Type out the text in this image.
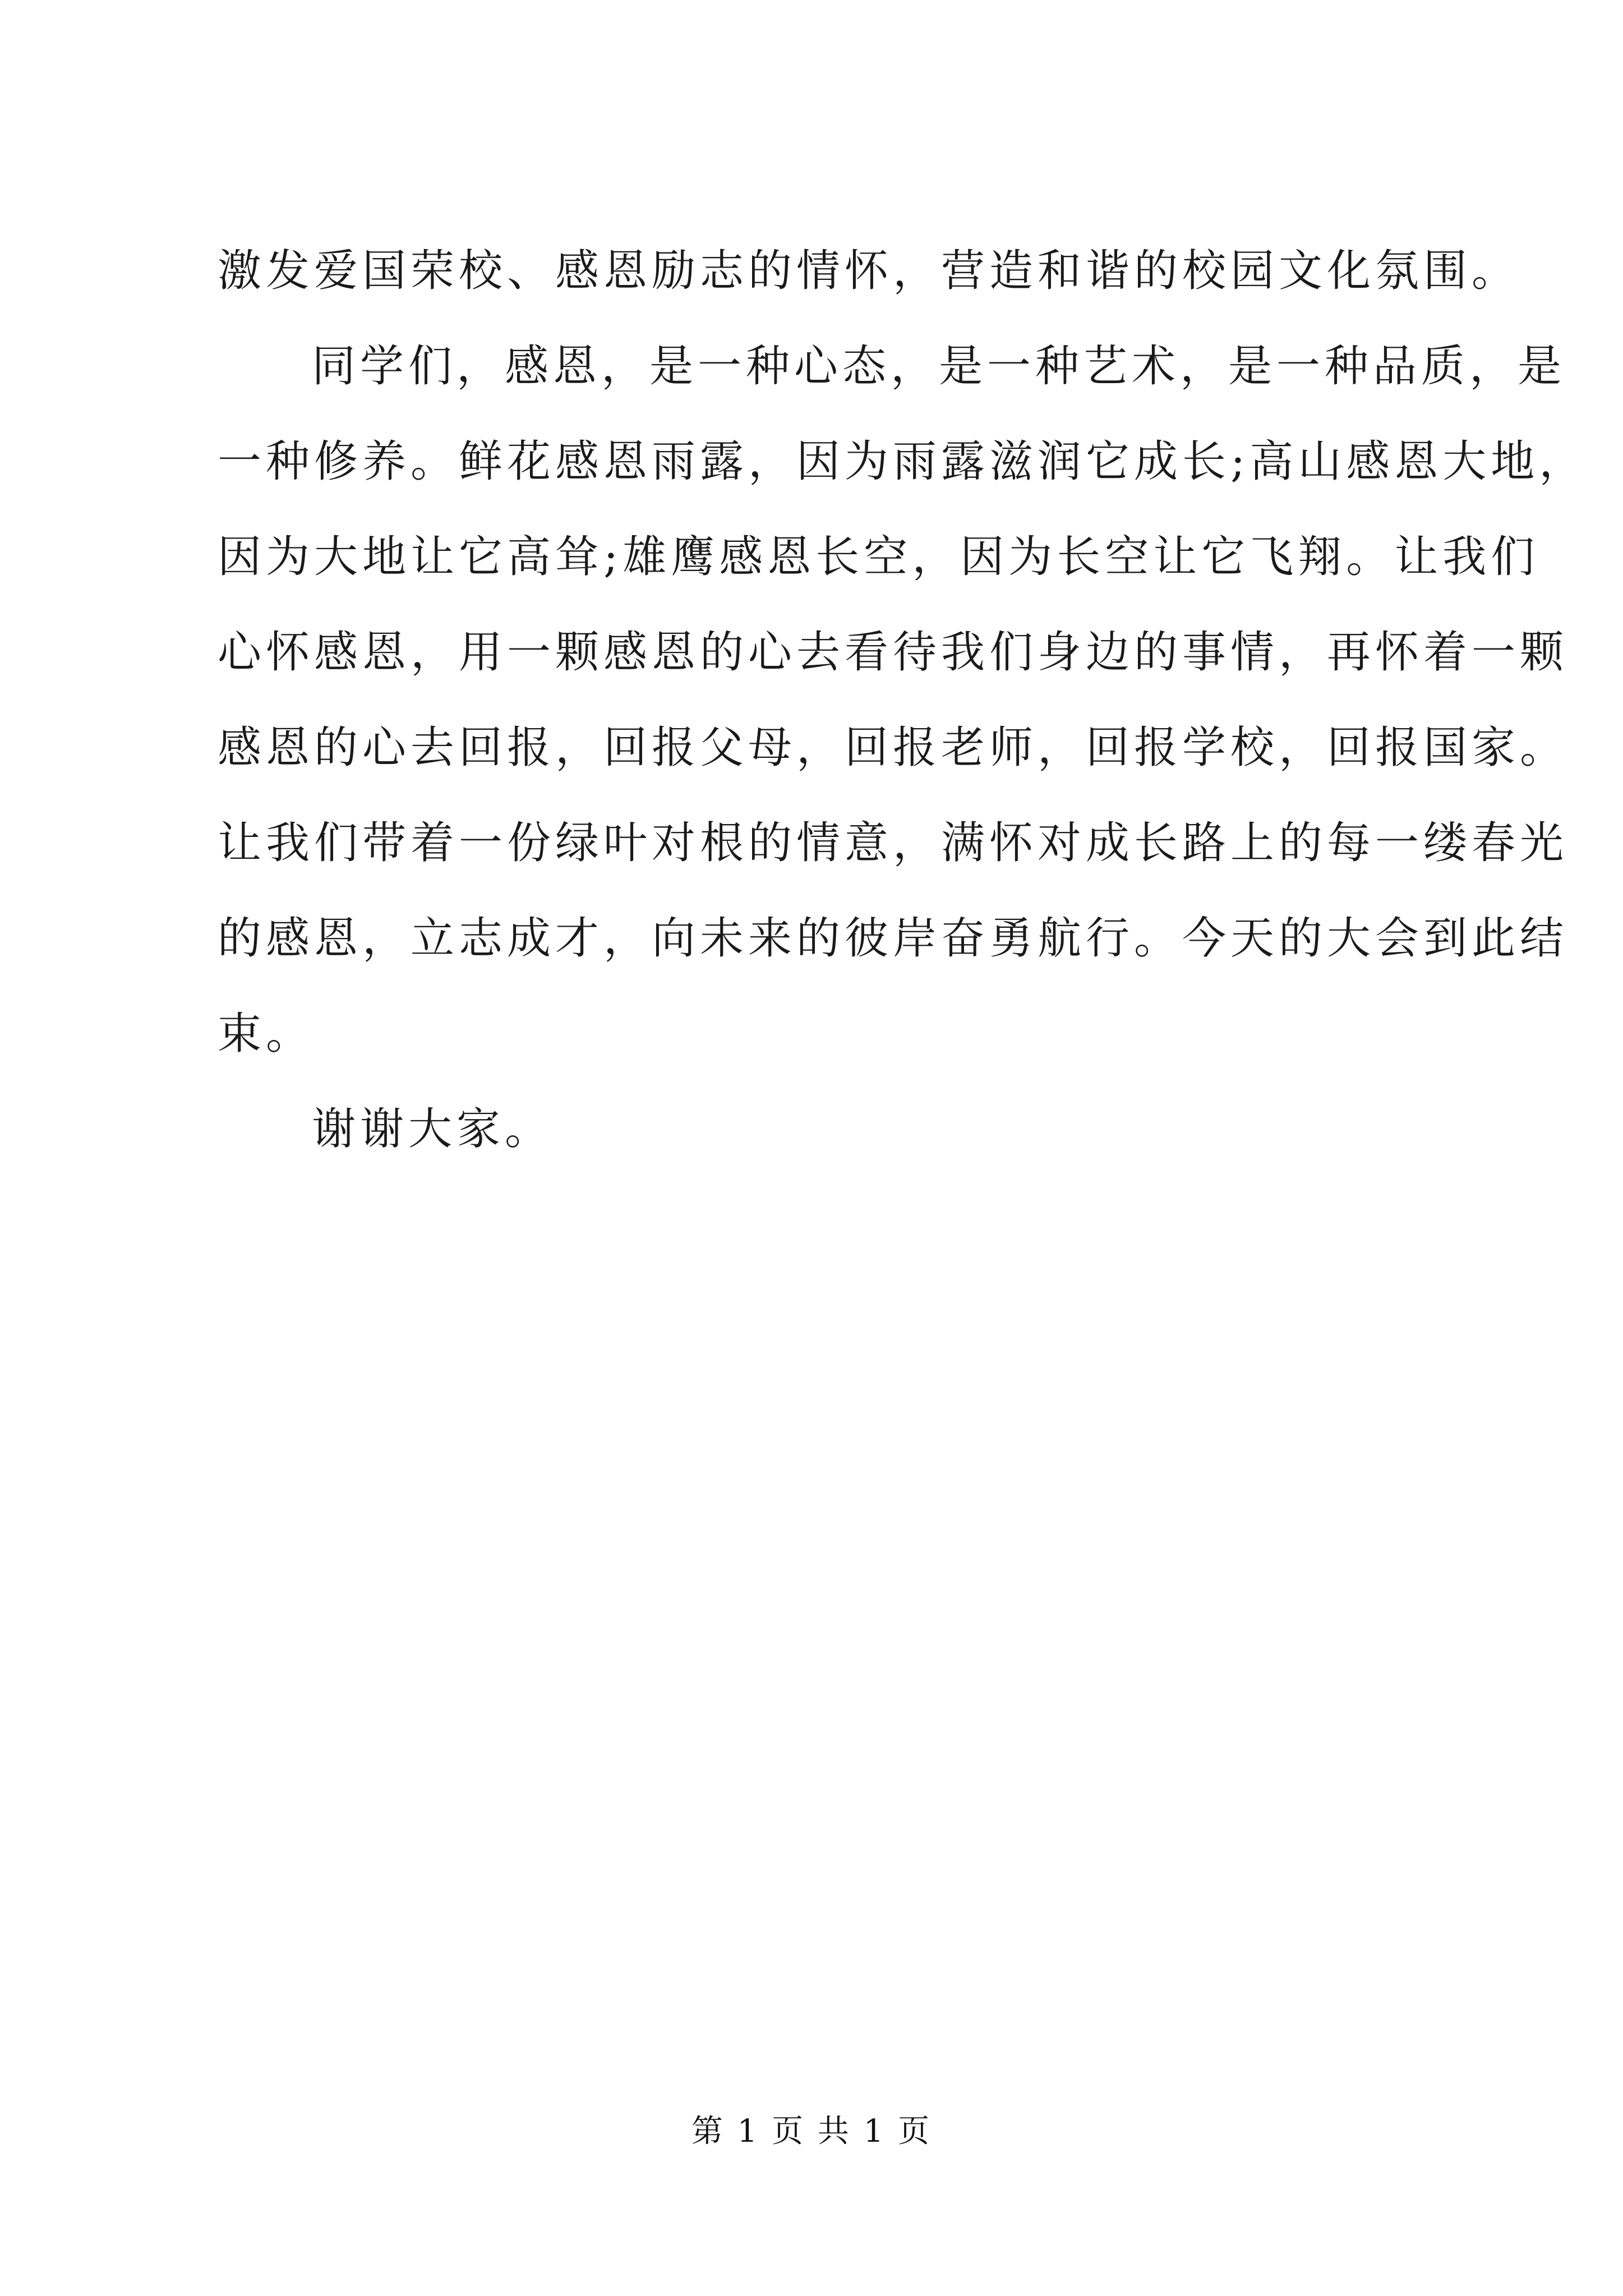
激发爱国荣校、感恩励志的情怀，营造和谐的校园文化氛围。
同学们，感恩，是一种心态，是一种艺术，是一种品质，是
一种修养。鲜花感恩雨露，因为雨露滋润它成长;高山感恩大地，
因为大地让它高耸;雄鹰感恩长空，因为长空让它飞翔。让我们
心怀感恩，用一颗感恩的心去看待我们身边的事情，再怀着一颗
感恩的心去回报，回报父母，回报老师，回报学校，回报国家。
让我们带着一份绿叶对根的情意，满怀对成长路上的每一缕春光
的感恩，立志成才，向未来的彼岸奋勇航行。今天的大会到此结
束。
谢谢大家。
第 1 页 共 1 页
